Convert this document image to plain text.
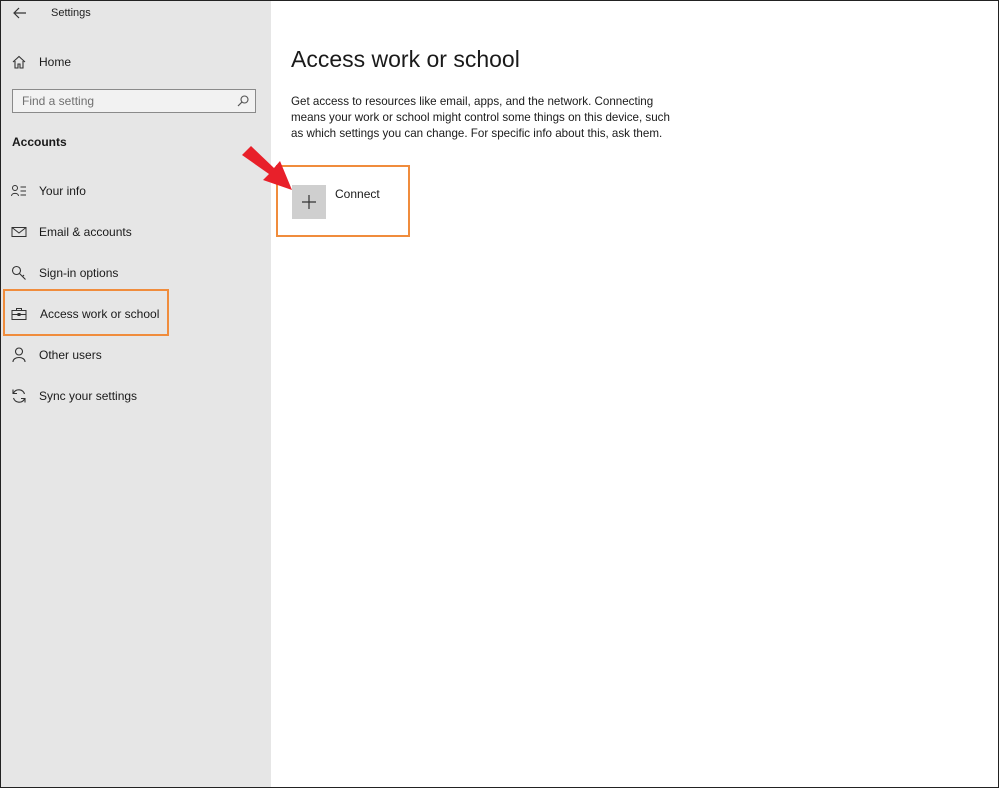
Settings
Home
Find a setting
Accounts
Your info
Email & accounts
Sign-in options
Access work or school
Other users
Sync your settings
Access work or school

Get access to resources like email, apps, and the network. Connecting means your work or school might control some things on this device, such as which settings you can change. For specific info about this, ask them.

Connect
